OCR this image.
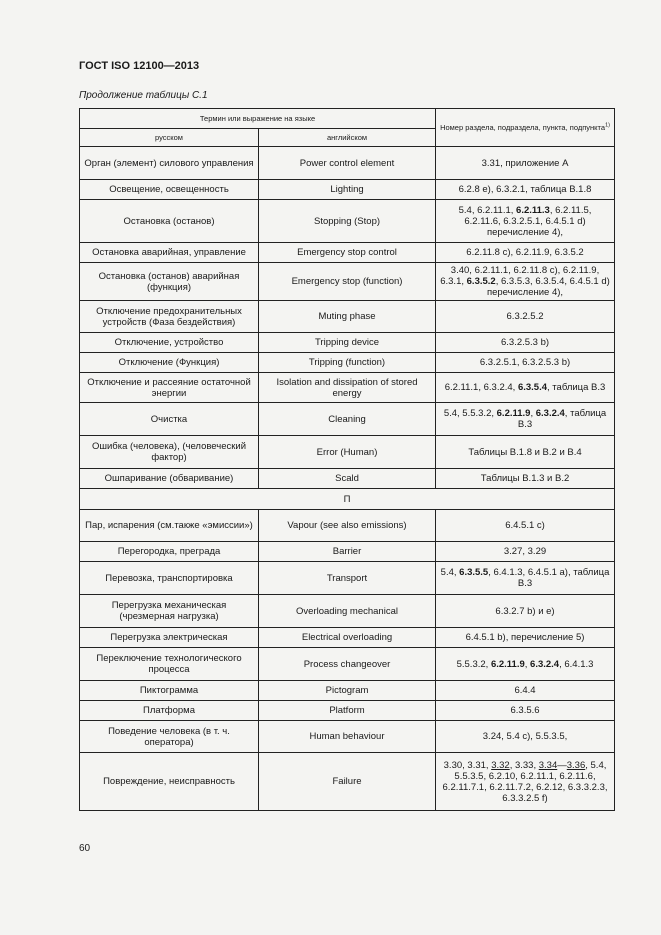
ГОСТ ISO 12100—2013
Продолжение таблицы С.1
Термин или выражение на языке		Номер раздела, подраздела, пункта, подпункта$^{1)}$
русском	английском	
Орган (элемент) силового управления	Power control element	3.31, приложение А
Освещение, освещенность	Lighting	6.2.8 е), 6.3.2.1, таблица В.1.8
Остановка (останов)	Stopping (Stop)	5.4, 6.2.11.1, 6.2.11.3, 6.2.11.5, 6.2.11.6, 6.3.2.5.1, 6.4.5.1 d) перечисление 4),
Остановка аварийная, управление	Emergency stop control	6.2.11.8 с), 6.2.11.9, 6.3.5.2
Остановка (останов) аварийная (функция)	Emergency stop (function)	3.40, 6.2.11.1, 6.2.11.8 с), 6.2.11.9, 6.3.1, 6.3.5.2, 6.3.5.3, 6.3.5.4, 6.4.5.1 d) перечисление 4),
Отключение предохранительных устройств (Фаза бездействия)	Muting phase	6.3.2.5.2
Отключение, устройство	Tripping device	6.3.2.5.3 b)
Отключение (Функция)	Tripping (function)	6.3.2.5.1, 6.3.2.5.3 b)
Отключение и рассеяние остаточной энергии	Isolation and dissipation of stored energy	6.2.11.1, 6.3.2.4, 6.3.5.4, таблица В.3
Очистка	Cleaning	5.4, 5.5.3.2, 6.2.11.9, 6.3.2.4, таблица В.3
Ошибка (человека), (человеческий фактор)	Error (Human)	Таблицы В.1.8 и В.2 и В.4
Ошпаривание (обваривание)	Scald	Таблицы В.1.3 и В.2
П		
Пар, испарения (см.также «эмиссии»)	Vapour (see also emissions)	6.4.5.1 с)
Перегородка, преграда	Barrier	3.27, 3.29
Перевозка, транспортировка	Transport	5.4, 6.3.5.5, 6.4.1.3, 6.4.5.1 а), таблица В.3
Перегрузка механическая (чрезмерная нагрузка)	Overloading mechanical	6.3.2.7 b) и е)
Перегрузка электрическая	Electrical overloading	6.4.5.1 b), перечисление 5)
Переключение технологического процесса	Process changeover	5.5.3.2, 6.2.11.9, 6.3.2.4, 6.4.1.3
Пиктограмма	Pictogram	6.4.4
Платформа	Platform	6.3.5.6
Поведение человека (в т. ч. оператора)	Human behaviour	3.24, 5.4 с), 5.5.3.5,
Повреждение, неисправность	Failure	3.30, 3.31, 3.32, 3.33, 3.34—3.36, 5.4, 5.5.3.5, 6.2.10, 6.2.11.1, 6.2.11.6, 6.2.11.7.1, 6.2.11.7.2, 6.2.12, 6.3.3.2.3, 6.3.3.2.5 f)
60
